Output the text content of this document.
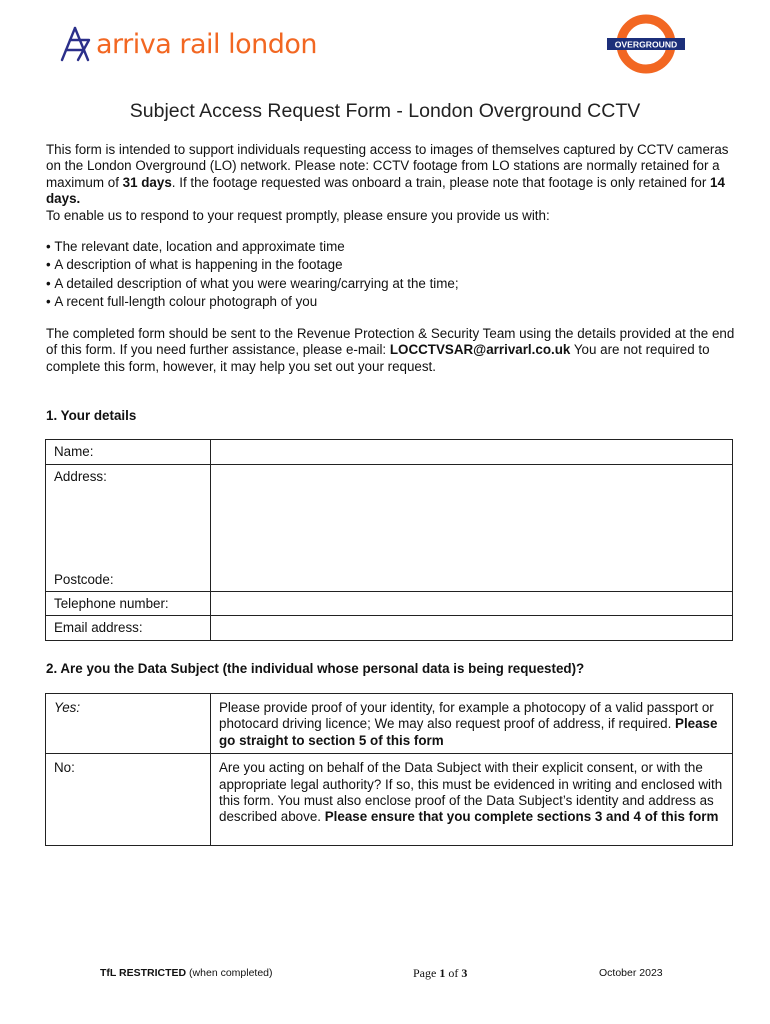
arriva rail london	OVERGROUND
Subject Access Request Form - London Overground CCTV

This form is intended to support individuals requesting access to images of themselves captured by CCTV cameras on the London Overground (LO) network. Please note: CCTV footage from LO stations are normally retained for a maximum of 31 days. If the footage requested was onboard a train, please note that footage is only retained for 14 days.
To enable us to respond to your request promptly, please ensure you provide us with:

• The relevant date, location and approximate time
• A description of what is happening in the footage
• A detailed description of what you were wearing/carrying at the time;
• A recent full-length colour photograph of you

The completed form should be sent to the Revenue Protection & Security Team using the details provided at the end of this form. If you need further assistance, please e-mail: LOCCTVSAR@arrivarl.co.uk You are not required to complete this form, however, it may help you set out your request.

1. Your details

Name:	
Address:
Postcode:	

Telephone number:	
Email address:	

2. Are you the Data Subject (the individual whose personal data is being requested)?

Yes:	Please provide proof of your identity, for example a photocopy of a valid passport or photocard driving licence; We may also request proof of address, if required. Please go straight to section 5 of this form
No:	Are you acting on behalf of the Data Subject with their explicit consent, or with the appropriate legal authority? If so, this must be evidenced in writing and enclosed with this form. You must also enclose proof of the Data Subject’s identity and address as described above. Please ensure that you complete sections 3 and 4 of this form
TfL RESTRICTED (when completed)	Page 1 of 3	October 2023
